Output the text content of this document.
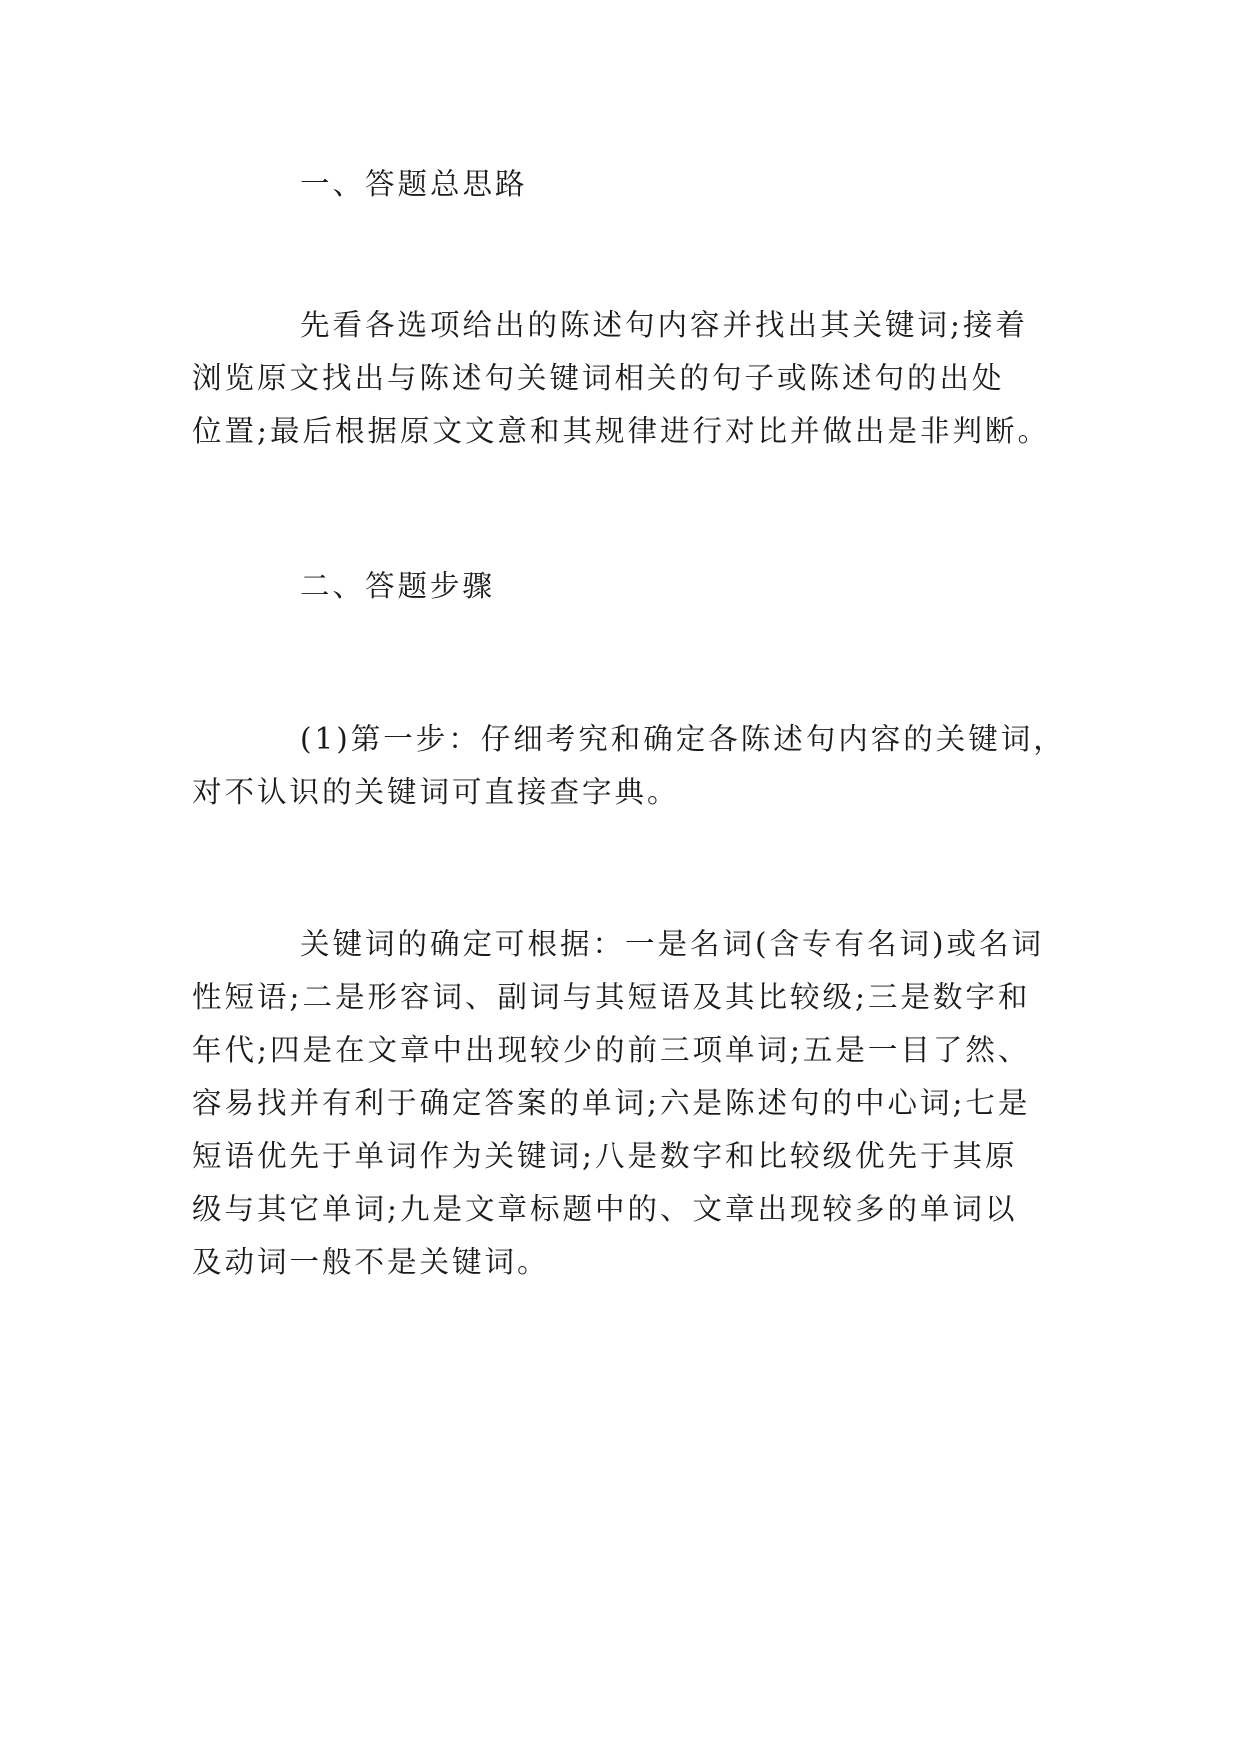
一、答题总思路
先看各选项给出的陈述句内容并找出其关键词;接着
浏览原文找出与陈述句关键词相关的句子或陈述句的出处
位置;最后根据原文文意和其规律进行对比并做出是非判断。
二、答题步骤
(1)第一步：仔细考究和确定各陈述句内容的关键词，
对不认识的关键词可直接查字典。
关键词的确定可根据：一是名词(含专有名词)或名词
性短语;二是形容词、副词与其短语及其比较级;三是数字和
年代;四是在文章中出现较少的前三项单词;五是一目了然、
容易找并有利于确定答案的单词;六是陈述句的中心词;七是
短语优先于单词作为关键词;八是数字和比较级优先于其原
级与其它单词;九是文章标题中的、文章出现较多的单词以
及动词一般不是关键词。
